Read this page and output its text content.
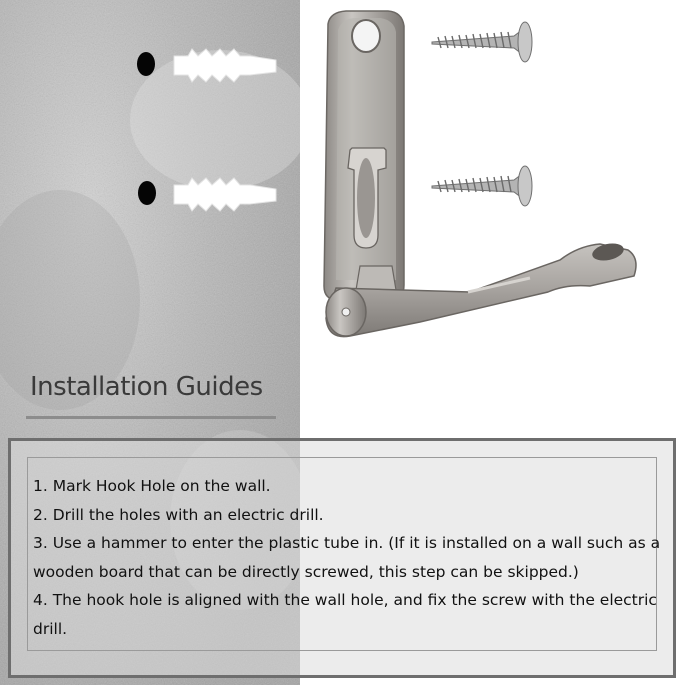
Installation Guides
1. Mark Hook Hole on the wall.
2. Drill the holes with an electric drill.
3. Use a hammer to enter the plastic tube in. (If it is installed on a wall such as a wooden board that can be directly screwed, this step can be skipped.)
4. The hook hole is aligned with the wall hole, and fix the screw with the electric drill.
